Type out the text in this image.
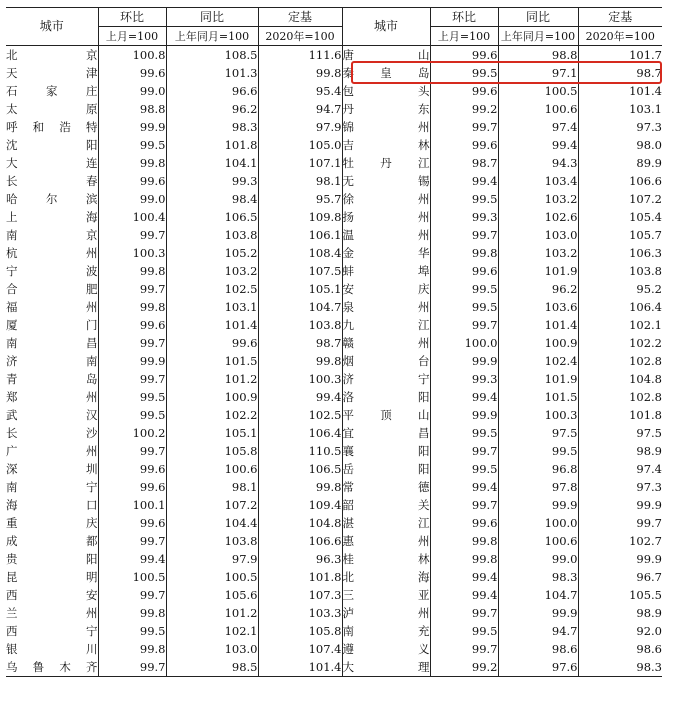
城市	环比	同比	定基	城市	环比	同比	定基
	上月=100	上年同月=100	2020年=100		上月=100	上年同月=100	2020年=100
北京	100.8	108.5	111.6	唐山	99.6	98.8	101.7
天津	99.6	101.3	99.8	秦皇岛	99.5	97.1	98.7
石家庄	99.0	96.6	95.4	包头	99.6	100.5	101.4
太原	98.8	96.2	94.7	丹东	99.2	100.6	103.1
呼和浩特	99.9	98.3	97.9	锦州	99.7	97.4	97.3
沈阳	99.5	101.8	105.0	吉林	99.6	99.4	98.0
大连	99.8	104.1	107.1	牡丹江	98.7	94.3	89.9
长春	99.6	99.3	98.1	无锡	99.4	103.4	106.6
哈尔滨	99.0	98.4	95.7	徐州	99.5	103.2	107.2
上海	100.4	106.5	109.8	扬州	99.3	102.6	105.4
南京	99.7	103.8	106.1	温州	99.7	103.0	105.7
杭州	100.3	105.2	108.4	金华	99.8	103.2	106.3
宁波	99.8	103.2	107.5	蚌埠	99.6	101.9	103.8
合肥	99.7	102.5	105.1	安庆	99.5	96.2	95.2
福州	99.8	103.1	104.7	泉州	99.5	103.6	106.4
厦门	99.6	101.4	103.8	九江	99.7	101.4	102.1
南昌	99.7	99.6	98.7	赣州	100.0	100.9	102.2
济南	99.9	101.5	99.8	烟台	99.9	102.4	102.8
青岛	99.7	101.2	100.3	济宁	99.3	101.9	104.8
郑州	99.5	100.9	99.4	洛阳	99.4	101.5	102.8
武汉	99.5	102.2	102.5	平顶山	99.9	100.3	101.8
长沙	100.2	105.1	106.4	宜昌	99.5	97.5	97.5
广州	99.7	105.8	110.5	襄阳	99.7	99.5	98.9
深圳	99.6	100.6	106.5	岳阳	99.5	96.8	97.4
南宁	99.6	98.1	99.8	常德	99.4	97.8	97.3
海口	100.1	107.2	109.4	韶关	99.7	99.9	99.9
重庆	99.6	104.4	104.8	湛江	99.6	100.0	99.7
成都	99.7	103.8	106.6	惠州	99.8	100.6	102.7
贵阳	99.4	97.9	96.3	桂林	99.8	99.0	99.9
昆明	100.5	100.5	101.8	北海	99.4	98.3	96.7
西安	99.7	105.6	107.3	三亚	99.4	104.7	105.5
兰州	99.8	101.2	103.3	泸州	99.7	99.9	98.9
西宁	99.5	102.1	105.8	南充	99.5	94.7	92.0
银川	99.8	103.0	107.4	遵义	99.7	98.6	98.6
乌鲁木齐	99.7	98.5	101.4	大理	99.2	97.6	98.3
